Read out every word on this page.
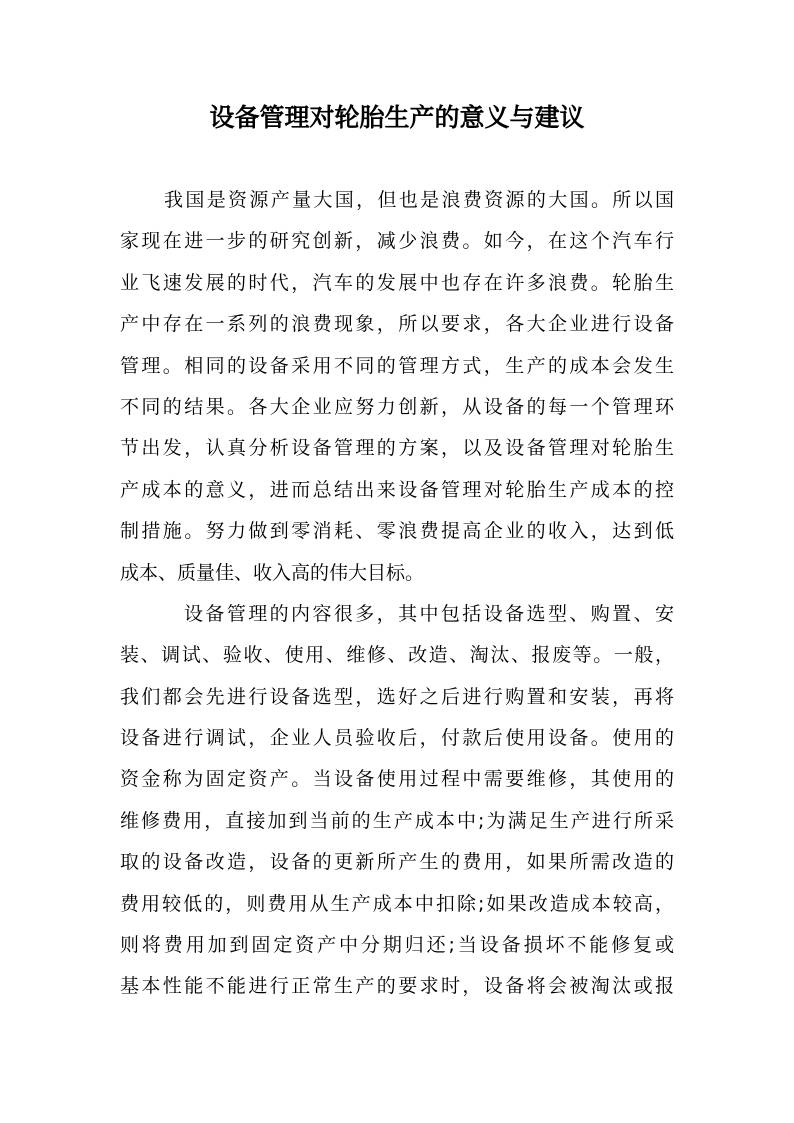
设备管理对轮胎生产的意义与建议

我国是资源产量大国，但也是浪费资源的大国。所以国
家现在进一步的研究创新，减少浪费。如今，在这个汽车行
业飞速发展的时代，汽车的发展中也存在许多浪费。轮胎生
产中存在一系列的浪费现象，所以要求，各大企业进行设备
管理。相同的设备采用不同的管理方式，生产的成本会发生
不同的结果。各大企业应努力创新，从设备的每一个管理环
节出发，认真分析设备管理的方案，以及设备管理对轮胎生
产成本的意义，进而总结出来设备管理对轮胎生产成本的控
制措施。努力做到零消耗、零浪费提高企业的收入，达到低
成本、质量佳、收入高的伟大目标。

设备管理的内容很多，其中包括设备选型、购置、安
装、调试、验收、使用、维修、改造、淘汰、报废等。一般，
我们都会先进行设备选型，选好之后进行购置和安装，再将
设备进行调试，企业人员验收后，付款后使用设备。使用的
资金称为固定资产。当设备使用过程中需要维修，其使用的
维修费用，直接加到当前的生产成本中;为满足生产进行所采
取的设备改造，设备的更新所产生的费用，如果所需改造的
费用较低的，则费用从生产成本中扣除;如果改造成本较高，
则将费用加到固定资产中分期归还;当设备损坏不能修复或
基本性能不能进行正常生产的要求时，设备将会被淘汰或报
